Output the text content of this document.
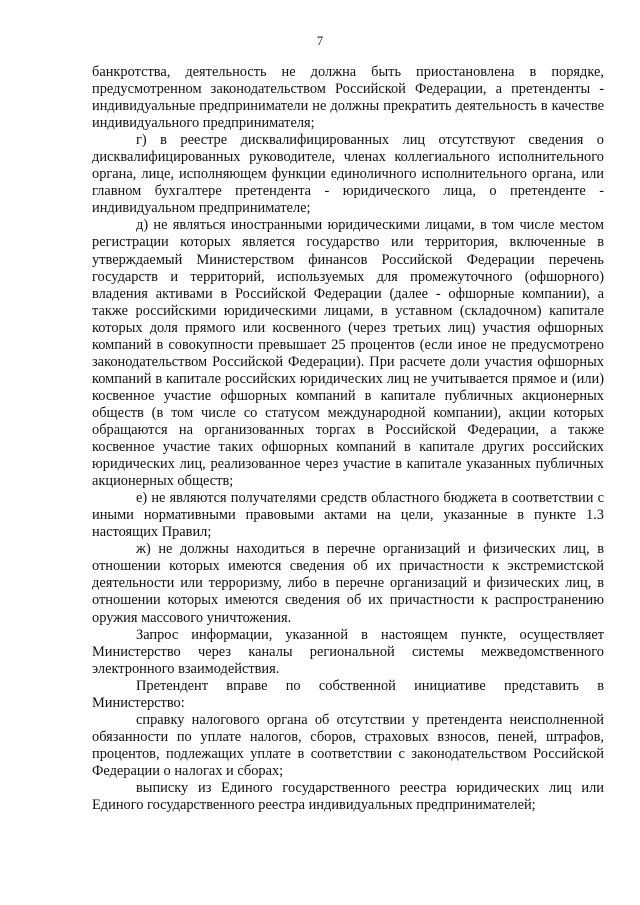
7

банкротства, деятельность не должна быть приостановлена в порядке, предусмотренном законодательством Российской Федерации, а претенденты - индивидуальные предприниматели не должны прекратить деятельность в качестве индивидуального предпринимателя;

г) в реестре дисквалифицированных лиц отсутствуют сведения о дисквалифицированных руководителе, членах коллегиального исполнительного органа, лице, исполняющем функции единоличного исполнительного органа, или главном бухгалтере претендента - юридического лица, о претенденте - индивидуальном предпринимателе;

д) не являться иностранными юридическими лицами, в том числе местом регистрации которых является государство или территория, включенные в утверждаемый Министерством финансов Российской Федерации перечень государств и территорий, используемых для промежуточного (офшорного) владения активами в Российской Федерации (далее - офшорные компании), а также российскими юридическими лицами, в уставном (складочном) капитале которых доля прямого или косвенного (через третьих лиц) участия офшорных компаний в совокупности превышает 25 процентов (если иное не предусмотрено законодательством Российской Федерации). При расчете доли участия офшорных компаний в капитале российских юридических лиц не учитывается прямое и (или) косвенное участие офшорных компаний в капитале публичных акционерных обществ (в том числе со статусом международной компании), акции которых обращаются на организованных торгах в Российской Федерации, а также косвенное участие таких офшорных компаний в капитале других российских юридических лиц, реализованное через участие в капитале указанных публичных акционерных обществ;

е) не являются получателями средств областного бюджета в соответствии с иными нормативными правовыми актами на цели, указанные в пункте 1.3 настоящих Правил;

ж) не должны находиться в перечне организаций и физических лиц, в отношении которых имеются сведения об их причастности к экстремистской деятельности или терроризму, либо в перечне организаций и физических лиц, в отношении которых имеются сведения об их причастности к распространению оружия массового уничтожения.

Запрос информации, указанной в настоящем пункте, осуществляет Министерство через каналы региональной системы межведомственного электронного взаимодействия.

Претендент вправе по собственной инициативе представить в Министерство:

справку налогового органа об отсутствии у претендента неисполненной обязанности по уплате налогов, сборов, страховых взносов, пеней, штрафов, процентов, подлежащих уплате в соответствии с законодательством Российской Федерации о налогах и сборах;

выписку из Единого государственного реестра юридических лиц или Единого государственного реестра индивидуальных предпринимателей;
